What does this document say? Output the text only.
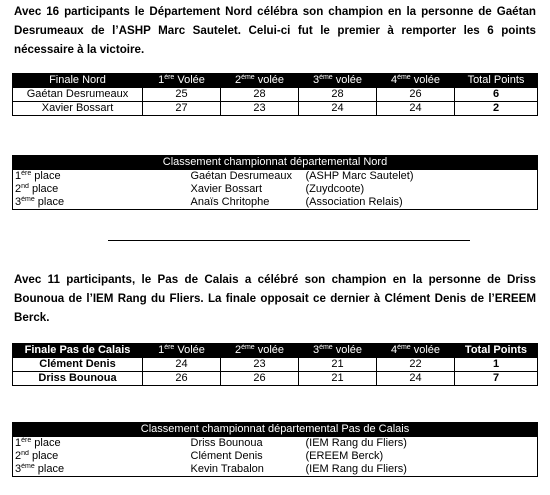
Avec 16 participants le Département Nord célébra son champion en la personne de Gaétan Desrumeaux de l’ASHP Marc Sautelet. Celui-ci fut le premier à remporter les 6 points nécessaire à la victoire.

Finale Nord	1ère Volée	2ème volée	3ème volée	4ème volée	Total Points
Gaétan Desrumeaux	25	28	28	26	6
Xavier Bossart	27	23	24	24	2
Classement championnat départemental Nord		
1ère place	Gaétan Desrumeaux	(ASHP Marc Sautelet)
2nd place	Xavier Bossart	(Zuydcoote)
3ème place	Anaïs Chritophe	(Association Relais)

Avec 11 participants, le Pas de Calais a célébré son champion en la personne de Driss Bounoua de l’IEM Rang du Fliers. La finale opposait ce dernier à Clément Denis de l’EREEM Berck.

Finale Pas de Calais	1ère Volée	2ème volée	3ème volée	4ème volée	Total Points
Clément Denis	24	23	21	22	1
Driss Bounoua	26	26	21	24	7
Classement championnat départemental Pas de Calais		
1ère place	Driss Bounoua	(IEM Rang du Fliers)
2nd place	Clément Denis	(EREEM Berck)
3ème place	Kevin Trabalon	(IEM Rang du Fliers)
